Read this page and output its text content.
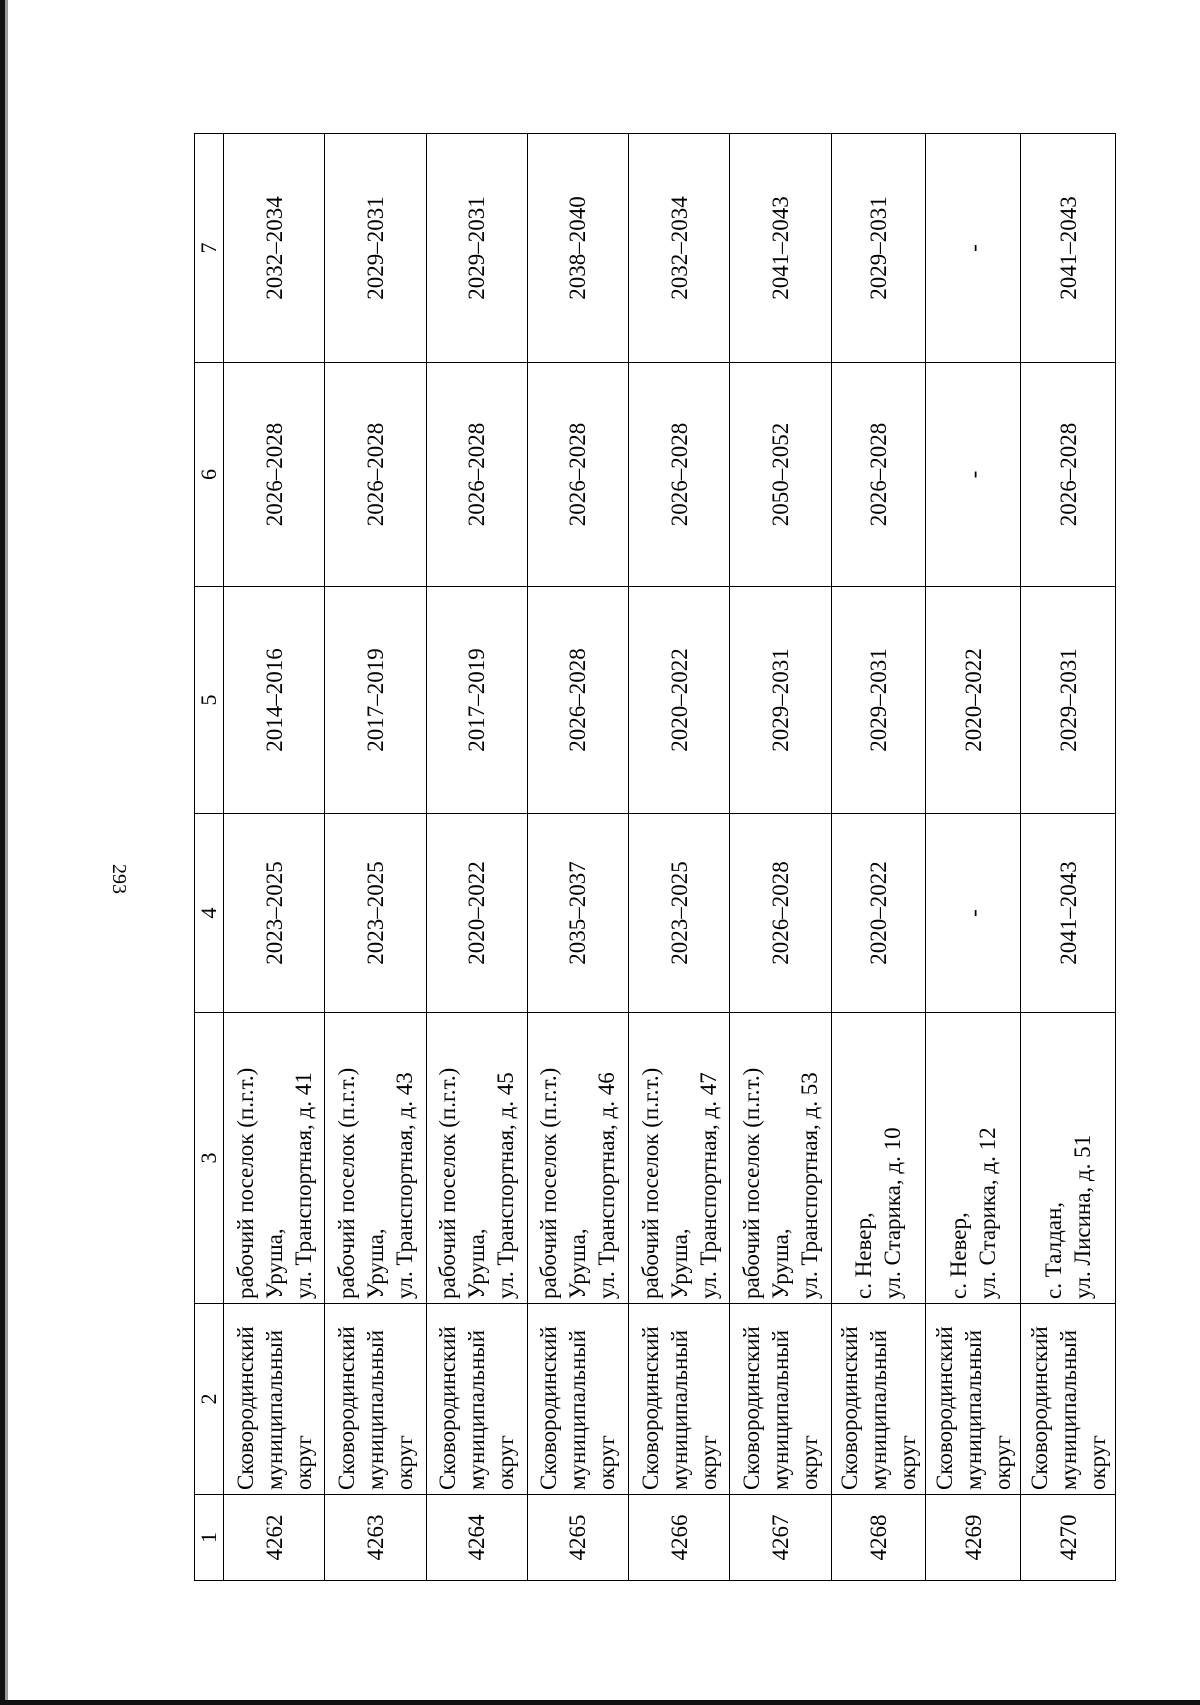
293
1	2	3	4	5	6	7
4262	Сковородинский муниципальный округ	рабочий поселок (п.г.т.) Уруша, ул. Транспортная, д. 41	2023–2025	2014–2016	2026–2028	2032–2034
4263	Сковородинский муниципальный округ	рабочий поселок (п.г.т.) Уруша, ул. Транспортная, д. 43	2023–2025	2017–2019	2026–2028	2029–2031
4264	Сковородинский муниципальный округ	рабочий поселок (п.г.т.) Уруша, ул. Транспортная, д. 45	2020–2022	2017–2019	2026–2028	2029–2031
4265	Сковородинский муниципальный округ	рабочий поселок (п.г.т.) Уруша, ул. Транспортная, д. 46	2035–2037	2026–2028	2026–2028	2038–2040
4266	Сковородинский муниципальный округ	рабочий поселок (п.г.т.) Уруша, ул. Транспортная, д. 47	2023–2025	2020–2022	2026–2028	2032–2034
4267	Сковородинский муниципальный округ	рабочий поселок (п.г.т.) Уруша, ул. Транспортная, д. 53	2026–2028	2029–2031	2050–2052	2041–2043
4268	Сковородинский муниципальный округ	с. Невер, ул. Старика, д. 10	2020–2022	2029–2031	2026–2028	2029–2031
4269	Сковородинский муниципальный округ	с. Невер, ул. Старика, д. 12	-	2020–2022	-	-
4270	Сковородинский муниципальный округ	с. Талдан, ул. Лисина, д. 51	2041–2043	2029–2031	2026–2028	2041–2043
